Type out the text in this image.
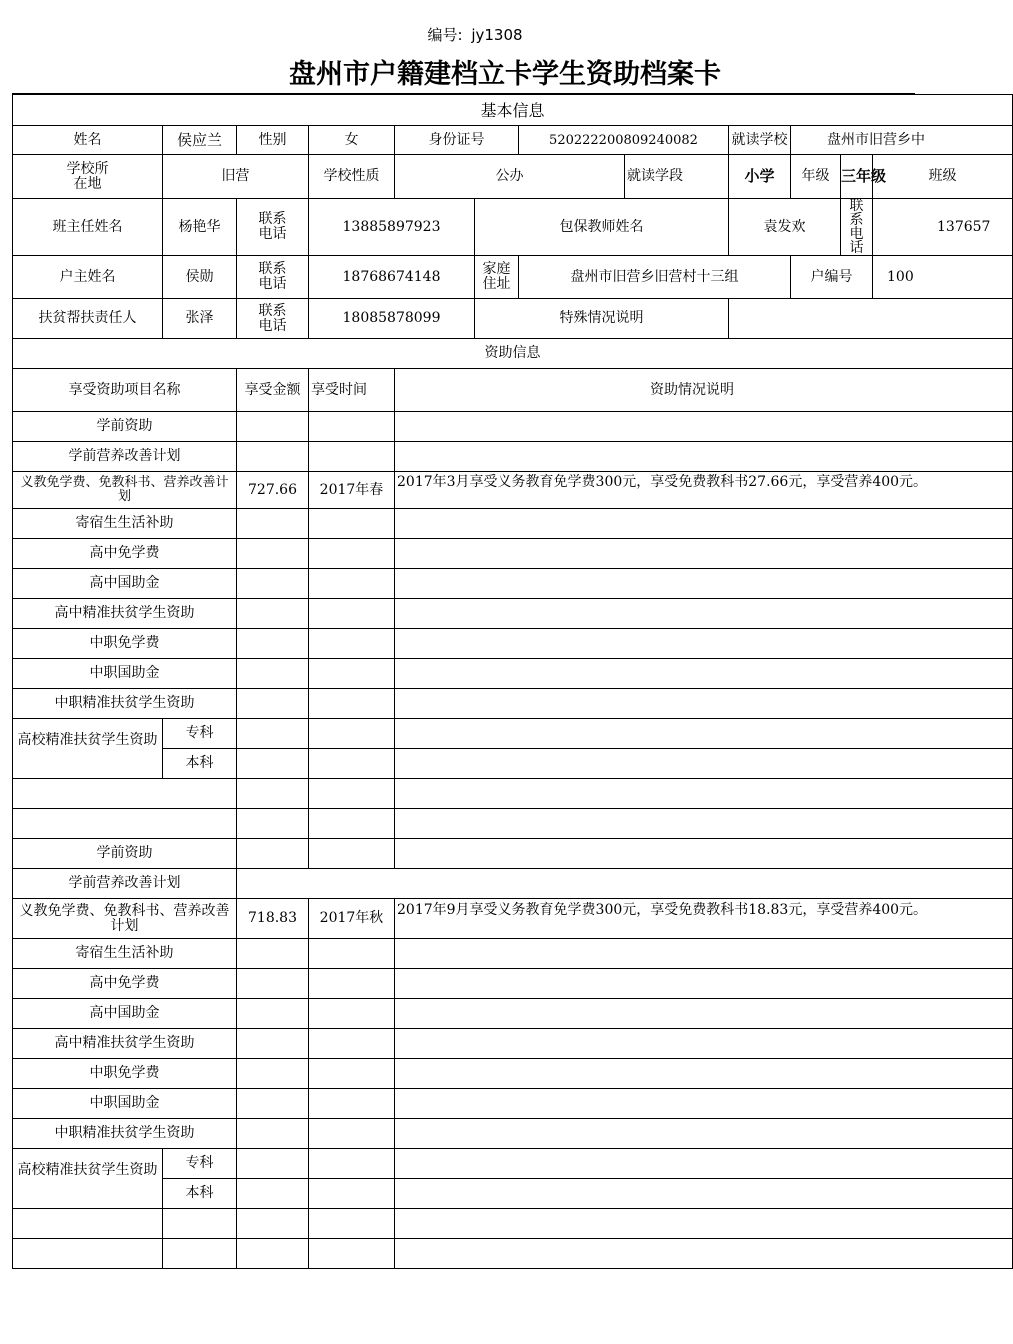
编号: jy1308
盘州市户籍建档立卡学生资助档案卡
基本信息											
姓名	侯应兰	性别	女	身份证号		520222200809240082		就读学校	盘州市旧营乡中		
学校所在地	旧营		学校性质	公办			就读学段	小学	年级	三年级	班级
班主任姓名	杨艳华	联系电话	13885897923		包保教师姓名			袁发欢		联系电话	137657
户主姓名	侯勋	联系电话	18768674148		家庭住址	盘州市旧营乡旧营村十三组			户编号		100
扶贫帮扶责任人	张泽	联系电话	18085878099		特殊情况说明						
资助信息											
享受资助项目名称		享受金额	享受时间	资助情况说明							
学前资助											
学前营养改善计划											
义教免学费、免教科书、营养改善计划		727.66	2017年春	2017年3月享受义务教育免学费300元，享受免费教科书27.66元，享受营养400元。							
寄宿生生活补助											
高中免学费											
高中国助金											
高中精准扶贫学生资助											
中职免学费											
中职国助金											
中职精准扶贫学生资助											
高校精准扶贫学生资助	专科										
	本科										

学前资助											
学前营养改善计划											
义教免学费、免教科书、营养改善计划		718.83	2017年秋	2017年9月享受义务教育免学费300元，享受免费教科书18.83元，享受营养400元。							
寄宿生生活补助											
高中免学费											
高中国助金											
高中精准扶贫学生资助											
中职免学费											
中职国助金											
中职精准扶贫学生资助											
高校精准扶贫学生资助	专科										
	本科										
